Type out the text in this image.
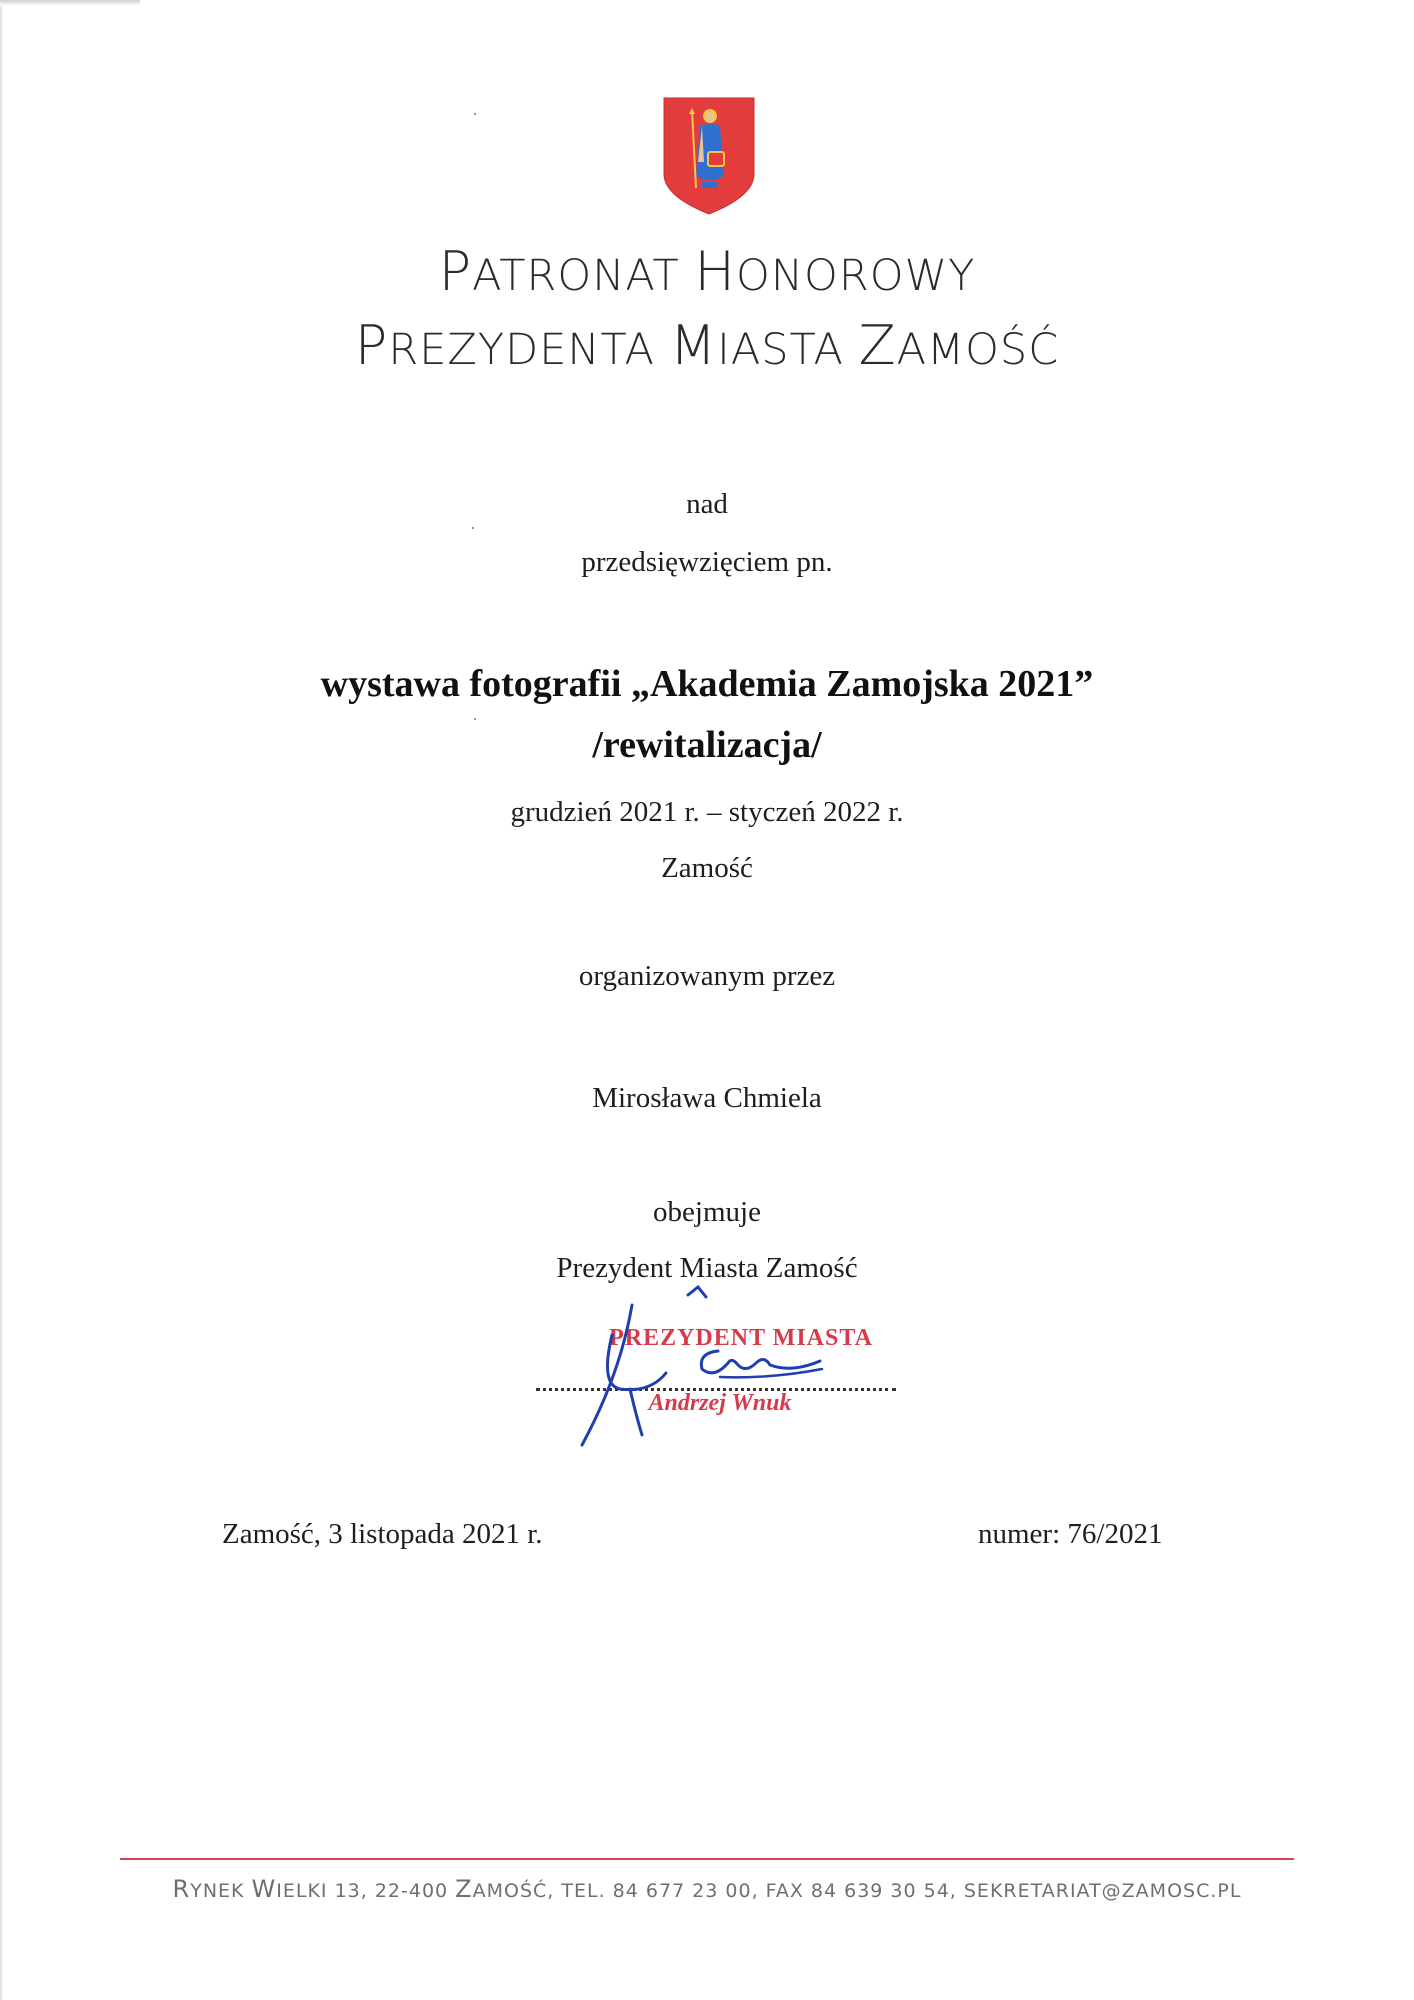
PATRONAT HONOROWY
PREZYDENTA MIASTA ZAMOŚĆ
nad
przedsięwzięciem pn.
wystawa fotografii „Akademia Zamojska 2021”
/rewitalizacja/
grudzień 2021 r. – styczeń 2022 r.
Zamość
organizowanym przez
Mirosława Chmiela
obejmuje
Prezydent Miasta Zamość
PREZYDENT MIASTA
Andrzej Wnuk
Zamość, 3 listopada 2021 r.	numer: 76/2021
RYNEK WIELKI 13, 22-400 ZAMOŚĆ, TEL. 84 677 23 00, FAX 84 639 30 54, SEKRETARIAT@ZAMOSC.PL
